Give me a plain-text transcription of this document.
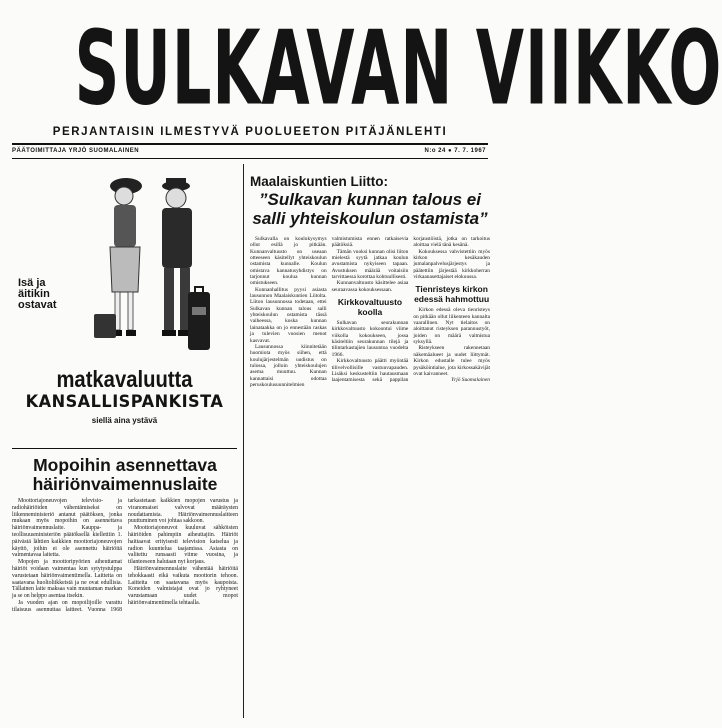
SULKAVAN VIIKKO
PERJANTAISIN ILMESTYVÄ PUOLUEETON PITÄJÄNLEHTI
PÄÄTOIMITTAJA YRJÖ SUOMALAINEN	N:o 24 ● 7. 7. 1967
Isä ja
äitikin
ostavat
matkavaluutta
KANSALLISPANKISTA
siellä aina ystävä
Mopoihin asennettava häiriönvaimennuslaite

Moottoriajoneuvojen televisio- ja radiohäiriöiden vähentämiseksi on liikenneministeriö antanut päätöksen, jonka mukaan myös mopoihin on asennettava häiriönvaimennuslaite. Kauppa- ja teollisuusministeriön päätöksellä kiellettiin 1. päivästä lähtien kaikkien moottoriajoneuvojen käyttö, joihin ei ole asennettu häiriöitä vaimentavaa laitetta.

Mopojen ja moottoripyörien aiheuttamat häiriöt voidaan vaimentaa kun sytytystulppa varustetaan häiriönvaimentimella. Laitteita on saatavana huoltoliikkeistä ja ne ovat edullisia. Tällainen laite maksaa vain muutaman markan ja se on helppo asentaa itsekin.

Ja vuoden ajan on mopoilijoille varattu tilaisuus asennuttaa laitteet. Vuonna 1968 tarkastetaan kaikkien mopojen varustus ja viranomaiset valvovat määräysten noudattamista. Häiriönvaimennuslaitteen puuttuminen voi johtaa sakkoon.

Moottoriajoneuvot kuuluvat sähköisten häiriöiden pahimpiin aiheuttajiin. Häiriöt haittaavat erityisesti television katselua ja radion kuuntelua taajamissa. Asiasta on valitettu runsaasti viime vuosina, ja tilanteeseen halutaan nyt korjaus.

Häiriönvaimennuslaite vähentää häiriöitä tehokkaasti eikä vaikuta moottorin tehoon. Laitteita on saatavana myös kaupoista. Koneiden valmistajat ovat jo ryhtyneet varustamaan uudet mopot häiriönvaimentimella tehtaalla.

Maalaiskuntien Liitto:
”Sulkavan kunnan talous ei salli yhteiskoulun ostamista”

Sulkavalla on koulukysymys ollut esillä jo pitkään. Kunnanvaltuusto on useaan otteeseen käsitellyt yhteiskoulun ostamista kunnalle. Koulun omistava kannatusyhdistys on tarjonnut koulua kunnan omistukseen.

Kunnanhallitus pyysi asiasta lausunnon Maalaiskuntien Liitolta. Liiton lausunnossa todetaan, ettei Sulkavan kunnan talous salli yhteiskoulun ostamista tässä vaiheessa, koska kunnan lainataakka on jo ennestään raskas ja tulevien vuosien menot kasvavat.

Lausunnossa kiinnitetään huomiota myös siihen, että koulujärjestelmän uudistus on tulossa, jolloin yhteiskoulujen asema muuttuu. Kunnan kannattaisi odottaa peruskoulusuunnitelmien valmistumista ennen ratkaisevia päätöksiä.

Tämän vuoksi kunnan olisi liiton mielestä syytä jatkaa koulun avustamista nykyiseen tapaan. Avustuksen määrää voitaisiin tarvittaessa korottaa kohtuullisesti.

Kunnanvaltuusto käsittelee asiaa seuraavassa kokouksessaan.

Kirkkovaltuusto koolla

Sulkavan seurakunnan kirkkovaltuusto kokoontui viime viikolla kokoukseen, jossa käsiteltiin seurakunnan tilejä ja tilintarkastajien lausuntoa vuodelta 1966.

Kirkkovaltuusto päätti myöntää tilivelvollisille vastuuvapauden. Lisäksi keskusteltiin hautausmaan laajentamisesta sekä pappilan korjaustöistä, jotka on tarkoitus aloittaa vielä tänä kesänä.

Kokouksessa vahvistettiin myös kirkon kesäkauden jumalanpalvelusjärjestys ja päätettiin järjestää kirkkoherran virkaanasettajaiset elokuussa.

Tienristeys kirkon edessä hahmottuu

Kirkon edessä oleva tienristeys on pitkään ollut liikenteen kannalta vaarallinen. Nyt tielaitos on aloittanut risteyksen parannustyöt, joiden on määrä valmistua syksyllä.

Risteykseen rakennetaan näkemäalueet ja uudet liittymät. Kirkon edustalle tulee myös pysäköintialue, jota kirkossakävijät ovat kaivanneet.

Yrjö Suomalainen
